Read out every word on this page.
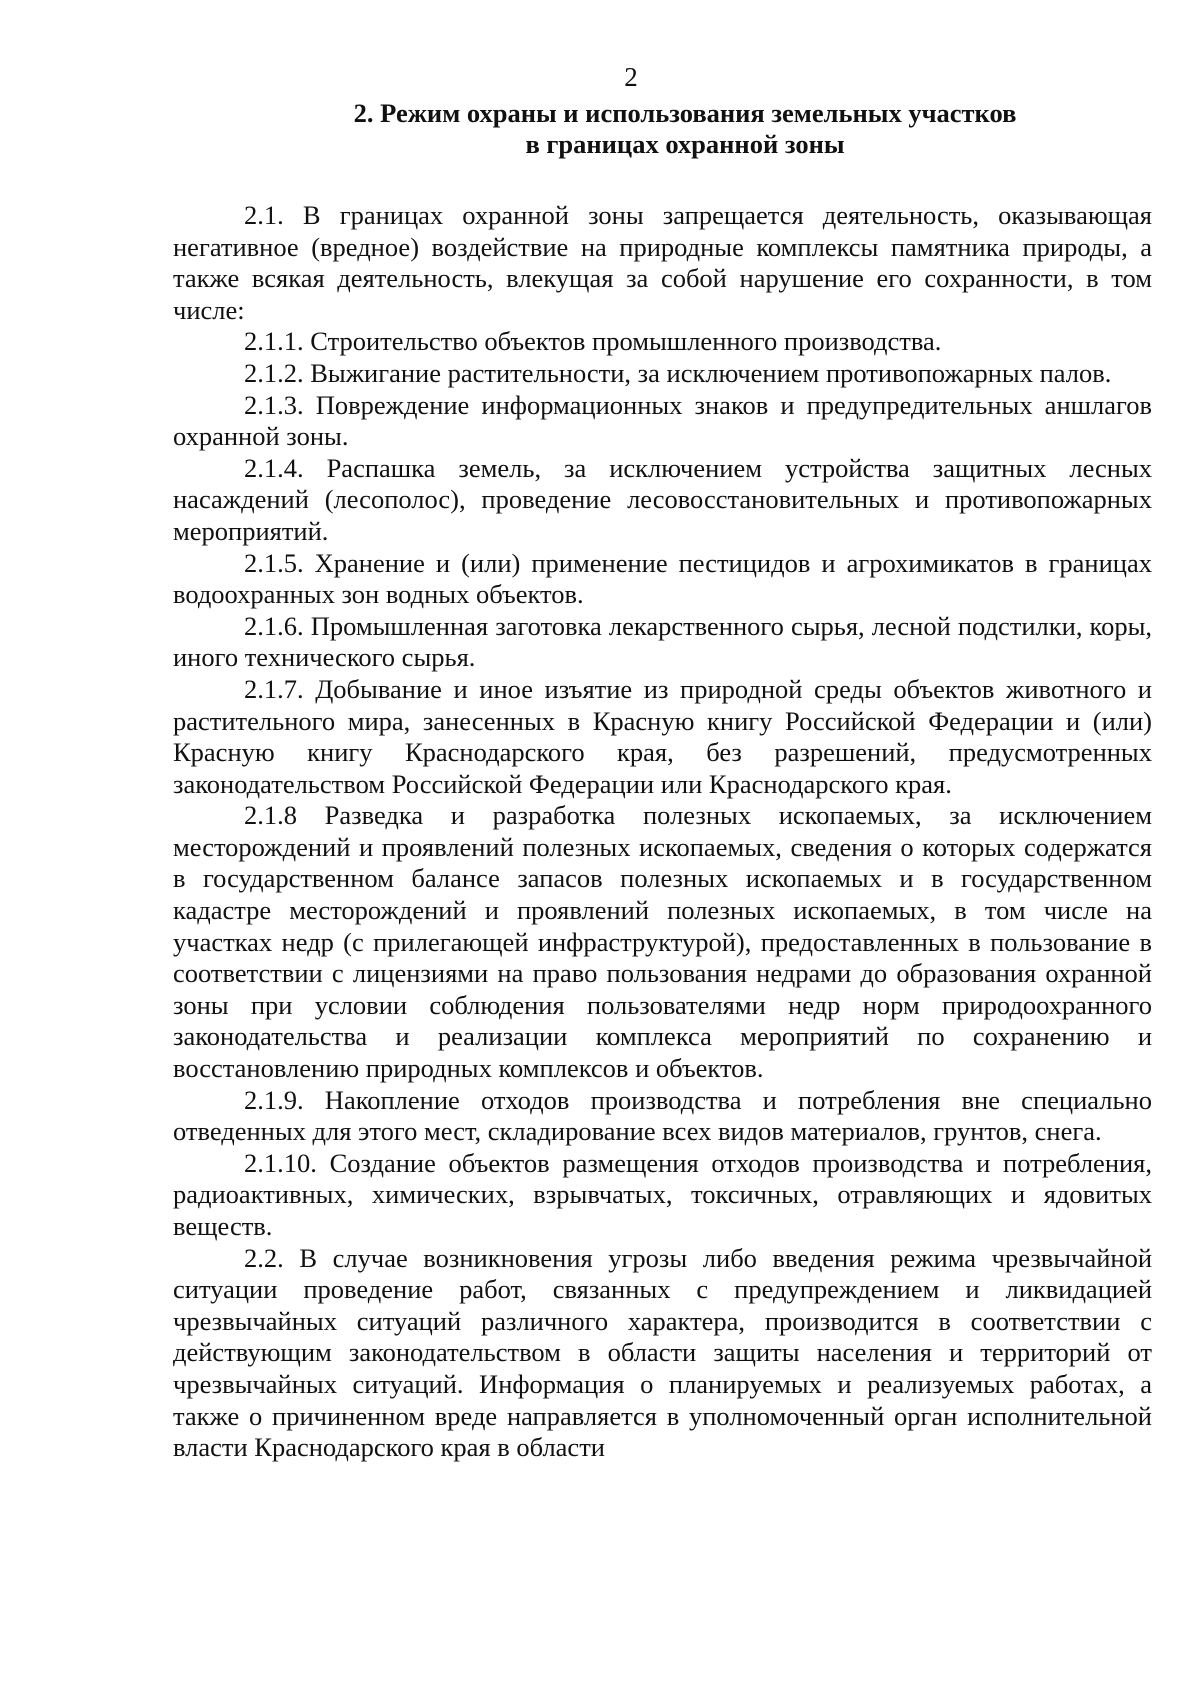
2
2. Режим охраны и использования земельных участков
в границах охранной зоны

2.1. В границах охранной зоны запрещается деятельность, оказывающая негативное (вредное) воздействие на природные комплексы памятника природы, а также всякая деятельность, влекущая за собой нарушение его сохранности, в том числе:

2.1.1. Строительство объектов промышленного производства.

2.1.2. Выжигание растительности, за исключением противопожарных палов.

2.1.3. Повреждение информационных знаков и предупредительных аншлагов охранной зоны.

2.1.4. Распашка земель, за исключением устройства защитных лесных насаждений (лесополос), проведение лесовосстановительных и противопожарных мероприятий.

2.1.5. Хранение и (или) применение пестицидов и агрохимикатов в границах водоохранных зон водных объектов.

2.1.6. Промышленная заготовка лекарственного сырья, лесной подстилки, коры, иного технического сырья.

2.1.7. Добывание и иное изъятие из природной среды объектов животного и растительного мира, занесенных в Красную книгу Российской Федерации и (или) Красную книгу Краснодарского края, без разрешений, предусмотренных законодательством Российской Федерации или Краснодарского края.

2.1.8 Разведка и разработка полезных ископаемых, за исключением месторождений и проявлений полезных ископаемых, сведения о которых содержатся в государственном балансе запасов полезных ископаемых и в государственном кадастре месторождений и проявлений полезных ископаемых, в том числе на участках недр (с прилегающей инфраструктурой), предоставленных в пользование в соответствии с лицензиями на право пользования недрами до образования охранной зоны при условии соблюдения пользователями недр норм природоохранного законодательства и реализации комплекса мероприятий по сохранению и восстановлению природных комплексов и объектов.

2.1.9. Накопление отходов производства и потребления вне специально отведенных для этого мест, складирование всех видов материалов, грунтов, снега.

2.1.10. Создание объектов размещения отходов производства и потребления, радиоактивных, химических, взрывчатых, токсичных, отравляющих и ядовитых веществ.

2.2. В случае возникновения угрозы либо введения режима чрезвычайной ситуации проведение работ, связанных с предупреждением и ликвидацией чрезвычайных ситуаций различного характера, производится в соответствии с действующим законодательством в области защиты населения и территорий от чрезвычайных ситуаций. Информация о планируемых и реализуемых работах, а также о причиненном вреде направляется в уполномоченный орган исполнительной власти Краснодарского края в области
